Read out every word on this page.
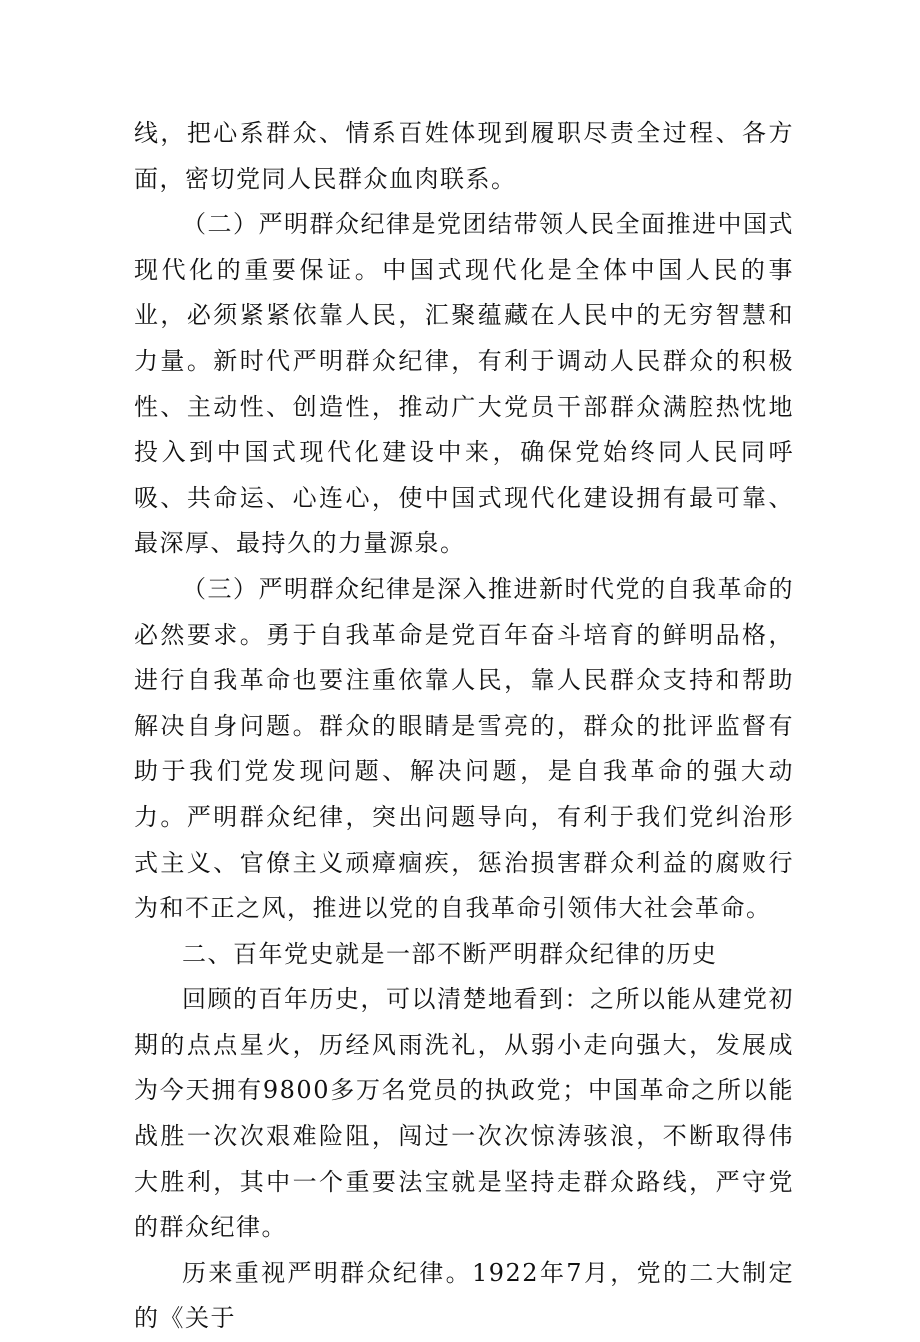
线，把心系群众、情系百姓体现到履职尽责全过程、各方面，密切党同人民群众血肉联系。

（二）严明群众纪律是党团结带领人民全面推进中国式现代化的重要保证。中国式现代化是全体中国人民的事业，必须紧紧依靠人民，汇聚蕴藏在人民中的无穷智慧和力量。新时代严明群众纪律，有利于调动人民群众的积极性、主动性、创造性，推动广大党员干部群众满腔热忱地投入到中国式现代化建设中来，确保党始终同人民同呼吸、共命运、心连心，使中国式现代化建设拥有最可靠、最深厚、最持久的力量源泉。

（三）严明群众纪律是深入推进新时代党的自我革命的必然要求。勇于自我革命是党百年奋斗培育的鲜明品格，进行自我革命也要注重依靠人民，靠人民群众支持和帮助解决自身问题。群众的眼睛是雪亮的，群众的批评监督有助于我们党发现问题、解决问题，是自我革命的强大动力。严明群众纪律，突出问题导向，有利于我们党纠治形式主义、官僚主义顽瘴痼疾，惩治损害群众利益的腐败行为和不正之风，推进以党的自我革命引领伟大社会革命。

二、百年党史就是一部不断严明群众纪律的历史

回顾的百年历史，可以清楚地看到：之所以能从建党初期的点点星火，历经风雨洗礼，从弱小走向强大，发展成为今天拥有9800多万名党员的执政党；中国革命之所以能战胜一次次艰难险阻，闯过一次次惊涛骇浪，不断取得伟大胜利，其中一个重要法宝就是坚持走群众路线，严守党的群众纪律。

历来重视严明群众纪律。1922年7月，党的二大制定的《关于
